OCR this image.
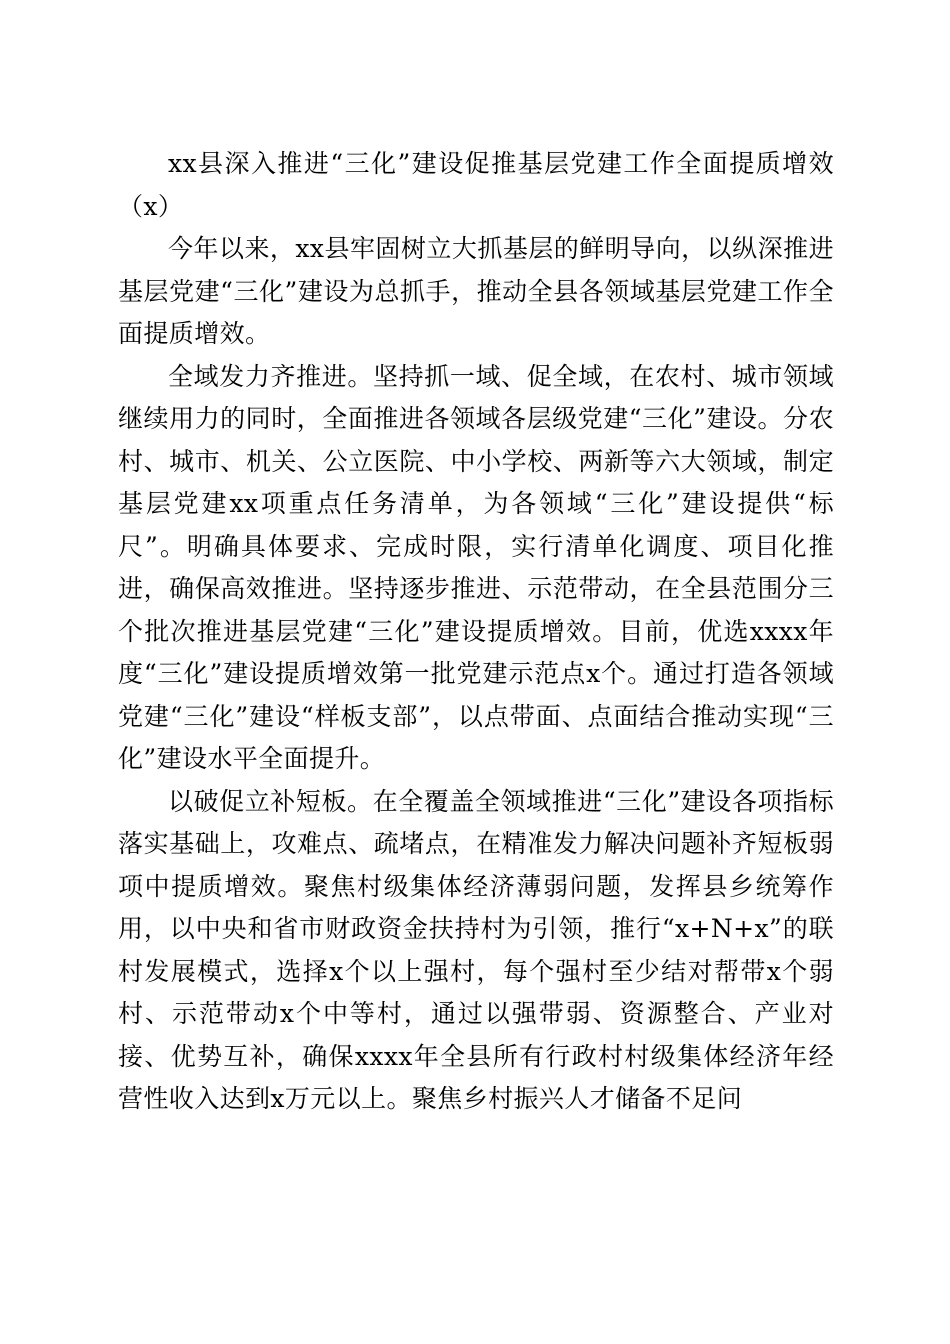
xx县深入推进“三化”建设促推基层党建工作全面提质增效（x）

今年以来，xx县牢固树立大抓基层的鲜明导向，以纵深推进基层党建“三化”建设为总抓手，推动全县各领域基层党建工作全面提质增效。

全域发力齐推进。坚持抓一域、促全域，在农村、城市领域继续用力的同时，全面推进各领域各层级党建“三化”建设。分农村、城市、机关、公立医院、中小学校、两新等六大领域，制定基层党建xx项重点任务清单，为各领域“三化”建设提供“标尺”。明确具体要求、完成时限，实行清单化调度、项目化推进，确保高效推进。坚持逐步推进、示范带动，在全县范围分三个批次推进基层党建“三化”建设提质增效。目前，优选xxxx年度“三化”建设提质增效第一批党建示范点x个。通过打造各领域党建“三化”建设“样板支部”，以点带面、点面结合推动实现“三化”建设水平全面提升。

以破促立补短板。在全覆盖全领域推进“三化”建设各项指标落实基础上，攻难点、疏堵点，在精准发力解决问题补齐短板弱项中提质增效。聚焦村级集体经济薄弱问题，发挥县乡统筹作用，以中央和省市财政资金扶持村为引领，推行“x+N+x”的联村发展模式，选择x个以上强村，每个强村至少结对帮带x个弱村、示范带动x个中等村，通过以强带弱、资源整合、产业对接、优势互补，确保xxxx年全县所有行政村村级集体经济年经营性收入达到x万元以上。聚焦乡村振兴人才储备不足问
